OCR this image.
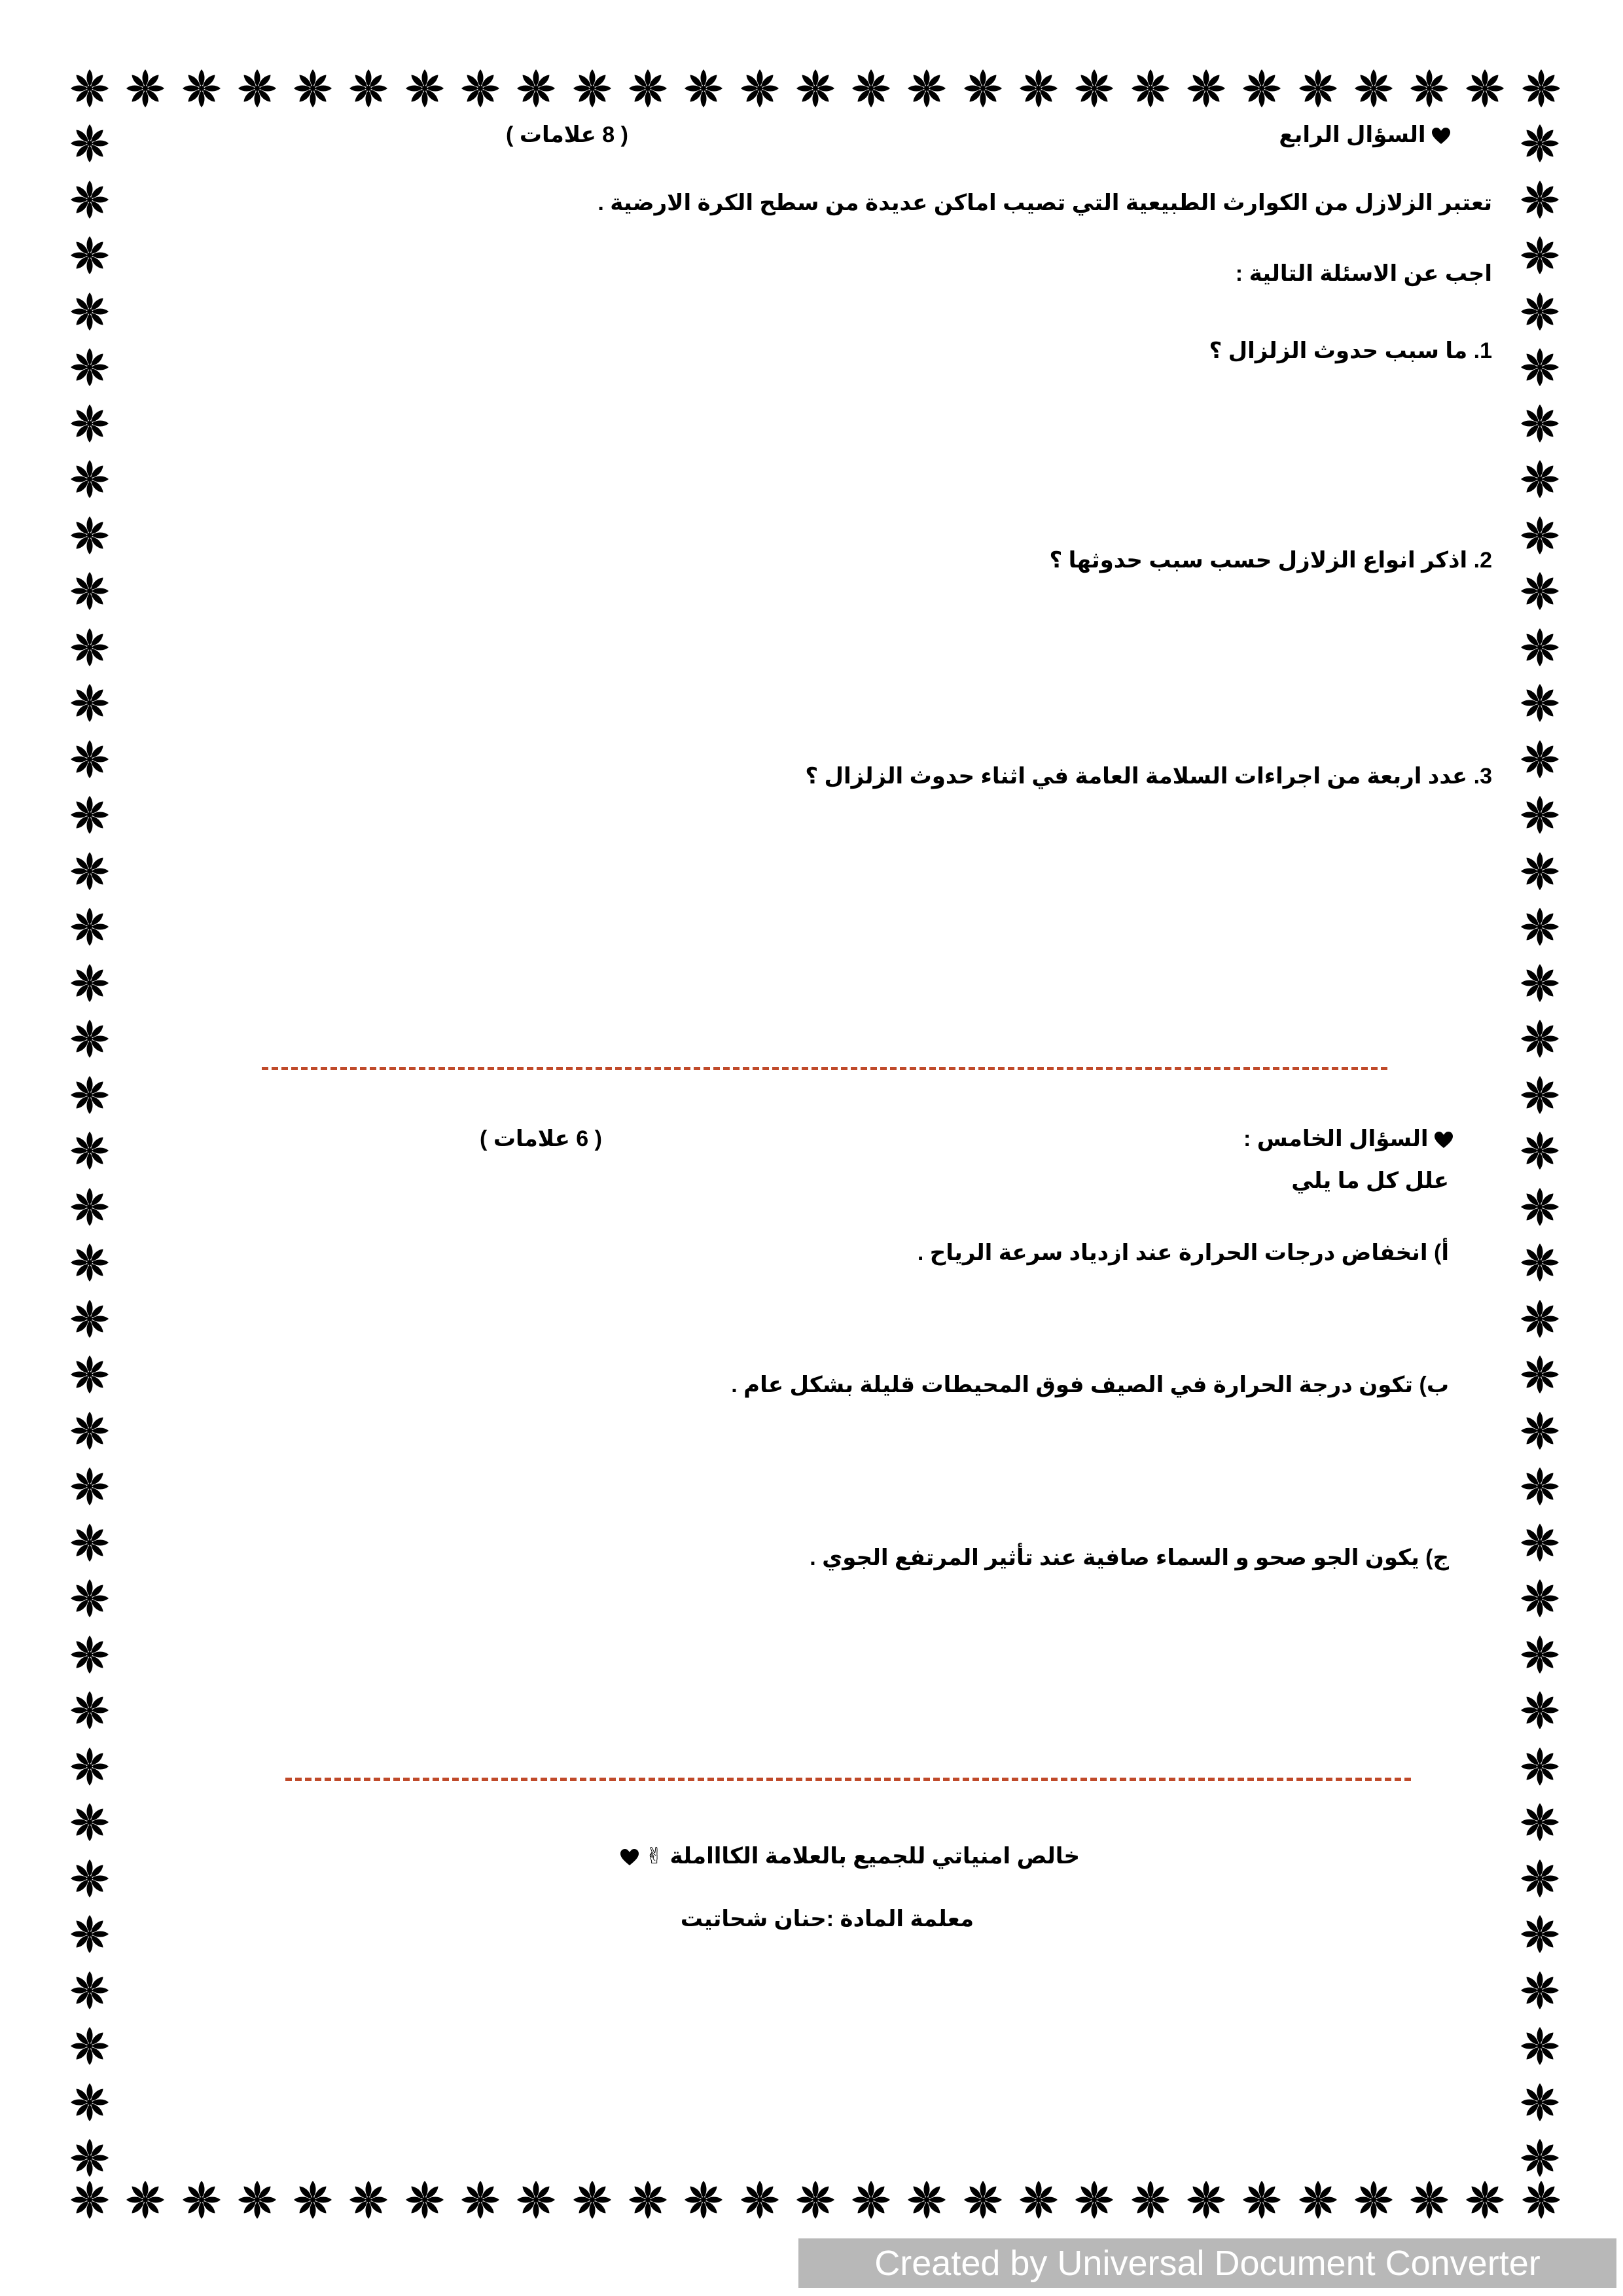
السؤال الرابع
( 8 علامات )
تعتبر الزلازل من الكوارث الطبيعية التي تصيب اماكن عديدة من سطح الكرة الارضية .
اجب عن الاسئلة التالية :
1. ما سبب حدوث الزلزال ؟
2. اذكر انواع الزلازل حسب سبب حدوثها ؟
3. عدد اربعة من اجراءات السلامة العامة في اثناء حدوث الزلزال ؟
السؤال الخامس :
( 6 علامات )
علل كل ما يلي
أ) انخفاض درجات الحرارة عند ازدياد سرعة الرياح .
ب) تكون درجة الحرارة في الصيف فوق المحيطات قليلة بشكل عام .
ج) يكون الجو صحو و السماء صافية عند تأثير المرتفع الجوي .
خالص امنياتي للجميع بالعلامة الكاااملة ✌
معلمة المادة :حنان شحاتيت
Created by Universal Document Converter
